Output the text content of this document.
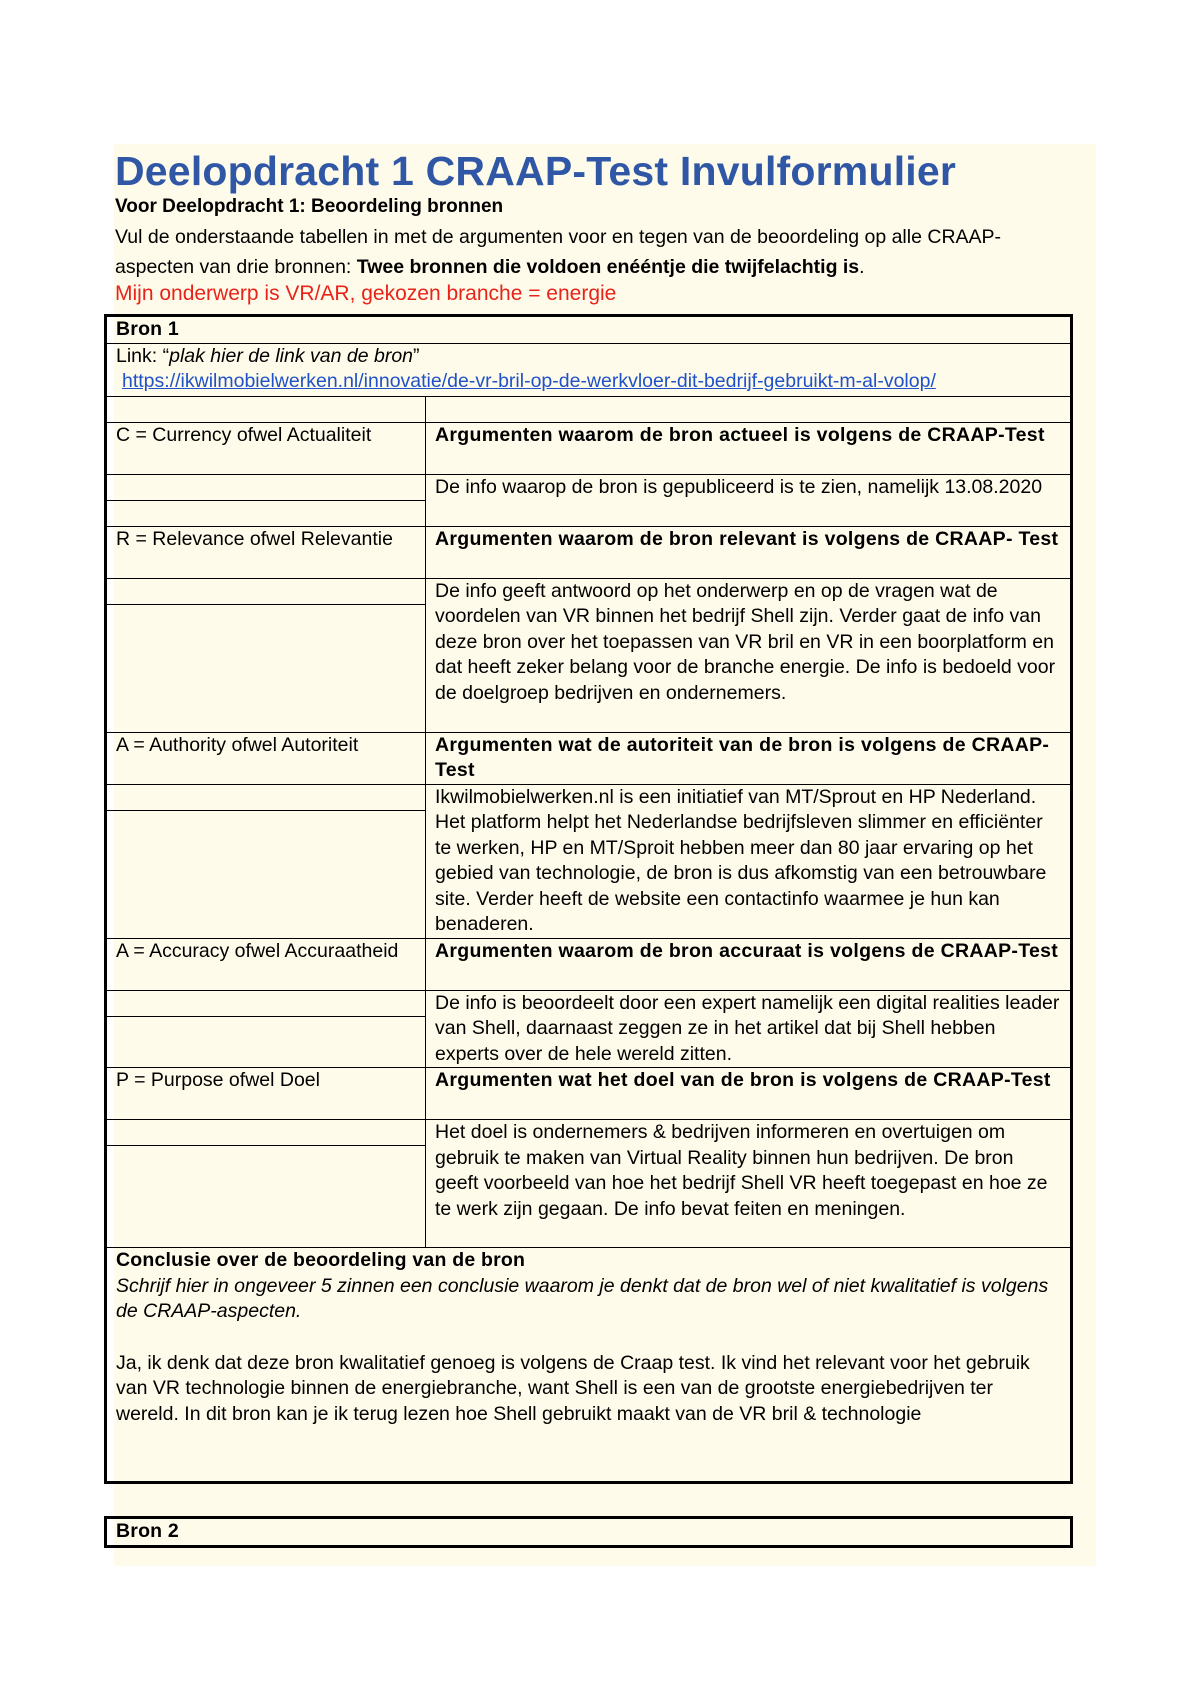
Deelopdracht 1 CRAAP-Test Invulformulier
Voor Deelopdracht 1: Beoordeling bronnen
Vul de onderstaande tabellen in met de argumenten voor en tegen van de beoordeling op alle CRAAP-aspecten van drie bronnen: Twee bronnen die voldoen enééntje die twijfelachtig is.
Mijn onderwerp is VR/AR, gekozen branche = energie
Bron 1	

Link: “plak hier de link van de bron”
https://ikwilmobielwerken.nl/innovatie/de-vr-bril-op-de-werkvloer-dit-bedrijf-gebruikt-m-al-volop/	

C = Currency ofwel Actualiteit	Argumenten waarom de bron actueel is volgens de CRAAP-Test
	De info waarop de bron is gepubliceerd is te zien, namelijk 13.08.2020

R = Relevance ofwel Relevantie	Argumenten waarom de bron relevant is volgens de CRAAP- Test
	De info geeft antwoord op het onderwerp en op de vragen wat de voordelen van VR binnen het bedrijf Shell zijn. Verder gaat de info van deze bron over het toepassen van VR bril en VR in een boorplatform en dat heeft zeker belang voor de branche energie. De info is bedoeld voor de doelgroep bedrijven en ondernemers.

A = Authority ofwel Autoriteit	Argumenten wat de autoriteit van de bron is volgens de CRAAP-Test
	Ikwilmobielwerken.nl is een initiatief van MT/Sprout en HP Nederland. Het platform helpt het Nederlandse bedrijfsleven slimmer en efficiënter te werken, HP en MT/Sproit hebben meer dan 80 jaar ervaring op het gebied van technologie, de bron is dus afkomstig van een betrouwbare site. Verder heeft de website een contactinfo waarmee je hun kan benaderen.

A = Accuracy ofwel Accuraatheid	Argumenten waarom de bron accuraat is volgens de CRAAP-Test
	De info is beoordeelt door een expert namelijk een digital realities leader van Shell, daarnaast zeggen ze in het artikel dat bij Shell hebben experts over de hele wereld zitten.

P = Purpose ofwel Doel	Argumenten wat het doel van de bron is volgens de CRAAP-Test
	Het doel is ondernemers & bedrijven informeren en overtuigen om gebruik te maken van Virtual Reality binnen hun bedrijven. De bron geeft voorbeeld van hoe het bedrijf Shell VR heeft toegepast en hoe ze te werk zijn gegaan. De info bevat feiten en meningen.

Conclusie over de beoordeling van de bron
Schrijf hier in ongeveer 5 zinnen een conclusie waarom je denkt dat de bron wel of niet kwalitatief is volgens de CRAAP-aspecten.
Ja, ik denk dat deze bron kwalitatief genoeg is volgens de Craap test. Ik vind het relevant voor het gebruik van VR technologie binnen de energiebranche, want Shell is een van de grootste energiebedrijven ter wereld. In dit bron kan je ik terug lezen hoe Shell gebruikt maakt van de VR bril & technologie	
Bron 2
